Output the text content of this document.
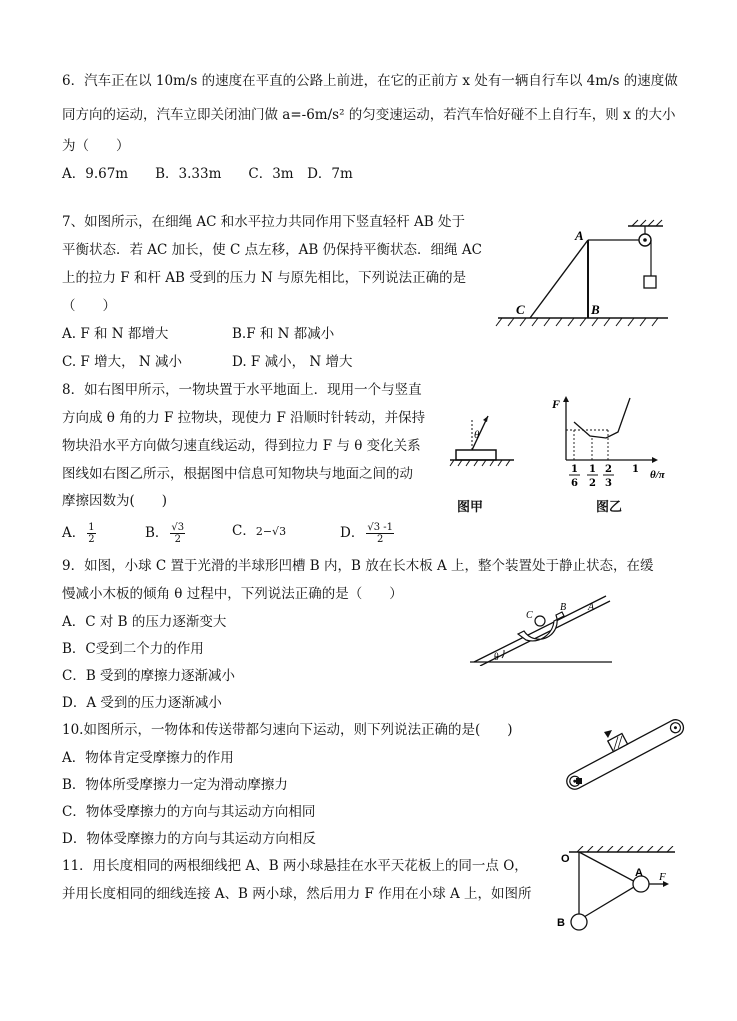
6．汽车正在以 10m/s 的速度在平直的公路上前进，在它的正前方 x 处有一辆自行车以 4m/s 的速度做
同方向的运动，汽车立即关闭油门做 a=-6m/s² 的匀变速运动，若汽车恰好碰不上自行车，则 x 的大小
为（　　）
A．9.67m　　B．3.33m　　C．3m　D．7m
7、如图所示，在细绳 AC 和水平拉力共同作用下竖直轻杆 AB 处于
平衡状态．若 AC 加长，使 C 点左移，AB 仍保持平衡状态．细绳 AC
上的拉力 F 和杆 AB 受到的压力 N 与原先相比，下列说法正确的是
（　　）
A. F 和 N 都增大	B.F 和 N 都减小
C. F 增大， N 减小	D. F 减小， N 增大
A
B
C
8．如右图甲所示，一物块置于水平地面上．现用一个与竖直
方向成 θ 角的力 F 拉物块，现使力 F 沿顺时针转动，并保持
物块沿水平方向做匀速直线运动，得到拉力 F 与 θ 变化关系
图线如右图乙所示，根据图中信息可知物块与地面之间的动
摩擦因数为(　　)
A． $\frac{1}{2}$	B． $\frac{√3}{2}$	C．2−√3	D． $\frac{√3 -1}{2}$
θ
图甲
F
1
6
1
2
2
3
1 θ/π
图乙
9．如图，小球 C 置于光滑的半球形凹槽 B 内，B 放在长木板 A 上，整个装置处于静止状态，在缓
慢减小木板的倾角 θ 过程中，下列说法正确的是（　　）
A．C 对 B 的压力逐渐变大
B．C受到二个力的作用
C．B 受到的摩擦力逐渐减小
D．A 受到的压力逐渐减小
θ
C
B A
10.如图所示，一物体和传送带都匀速向下运动，则下列说法正确的是(　　)
A．物体肯定受摩擦力的作用
B．物体所受摩擦力一定为滑动摩擦力
C．物体受摩擦力的方向与其运动方向相同
D．物体受摩擦力的方向与其运动方向相反
11．用长度相同的两根细线把 A、B 两小球悬挂在水平天花板上的同一点 O，
并用长度相同的细线连接 A、B 两小球，然后用力 F 作用在小球 A 上，如图所
O
A
B
F
